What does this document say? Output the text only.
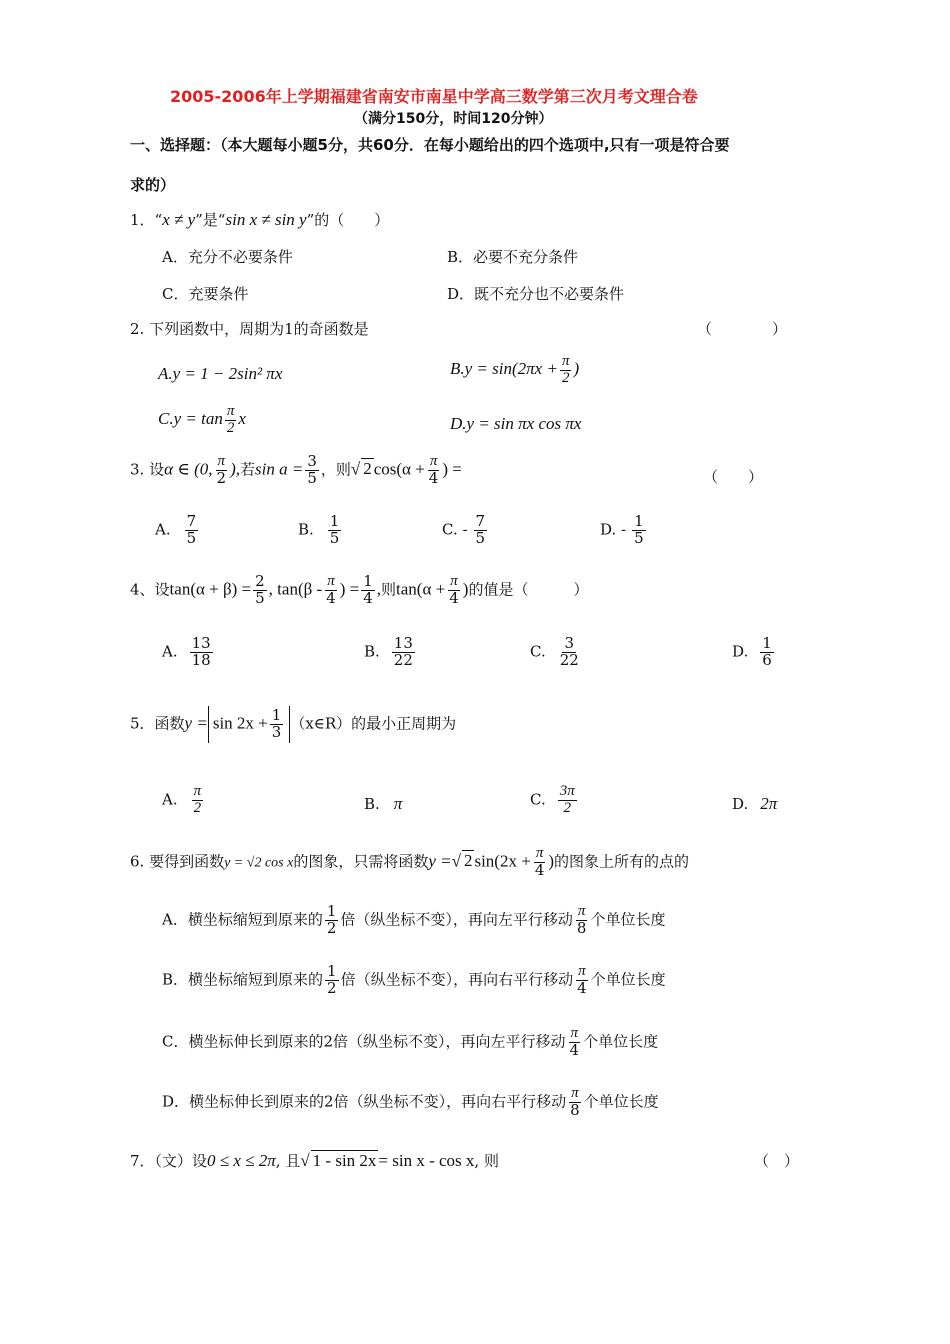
2005-2006年上学期福建省南安市南星中学高三数学第三次月考文理合卷
（满分150分，时间120分钟）
一、选择题：（本大题每小题5分，共60分．在每小题给出的四个选项中,只有一项是符合要
求的）
1．“x ≠ y”是“sin x ≠ sin y”的（　　）
A．充分不必要条件	B．必要不充分条件
C．充要条件	D．既不充分也不必要条件
2. 下列函数中，周期为1的奇函数是	（　　　　）
A.y = 1 − 2sin² πx	$B.y = \sin(2\pi x + \frac{\pi}{2}$ )
$C.y = \tan \frac{\pi}{2}$ x	D.y = sin πx cos πx
3. 设α ∈ (0, $\frac{\pi}{2}$ ),若$\sin a = \frac{3}{5}$ ，则√ 2 $\cos(\alpha + \frac{\pi}{4}$ ) =	（　　）
A. $\frac{7}{5}$	B. $\frac{1}{5}$	C. - $\frac{7}{5}$	D. - $\frac{1}{5}$
4、设$\tan(\alpha + \beta) = \frac{2}{5}$ , $\tan(\beta - \frac{\pi}{4}$ ) = $\frac{1}{4}$ ,则$\tan(\alpha + \frac{\pi}{4}$ )的值是（　　　）
A. $\frac{13}{18}$	B. $\frac{13}{22}$	C. $\frac{3}{22}$	D. $\frac{1}{6}$
5．函数$y = \sin 2x + \frac{1}{3}$ （x∈R）的最小正周期为
A. $\frac{\pi}{2}$	B. π	C. $\frac{3\pi}{2}$	D. 2π
6. 要得到函数y = √2 cos x的图象，只需将函数y =√ 2 $\sin(2x + \frac{\pi}{4}$ )的图象上所有的点的
A．横坐标缩短到原来的 $\frac{1}{2}$ 倍（纵坐标不变），再向左平行移动 $\frac{\pi}{8}$ 个单位长度
B．横坐标缩短到原来的 $\frac{1}{2}$ 倍（纵坐标不变），再向右平行移动 $\frac{\pi}{4}$ 个单位长度
C．横坐标伸长到原来的2倍（纵坐标不变），再向左平行移动 $\frac{\pi}{4}$ 个单位长度
D．横坐标伸长到原来的2倍（纵坐标不变），再向右平行移动 $\frac{\pi}{8}$ 个单位长度
7．（文）设0 ≤ x ≤ 2π, 且√ 1 - sin 2x = sin x - cos x, 则	（　）
